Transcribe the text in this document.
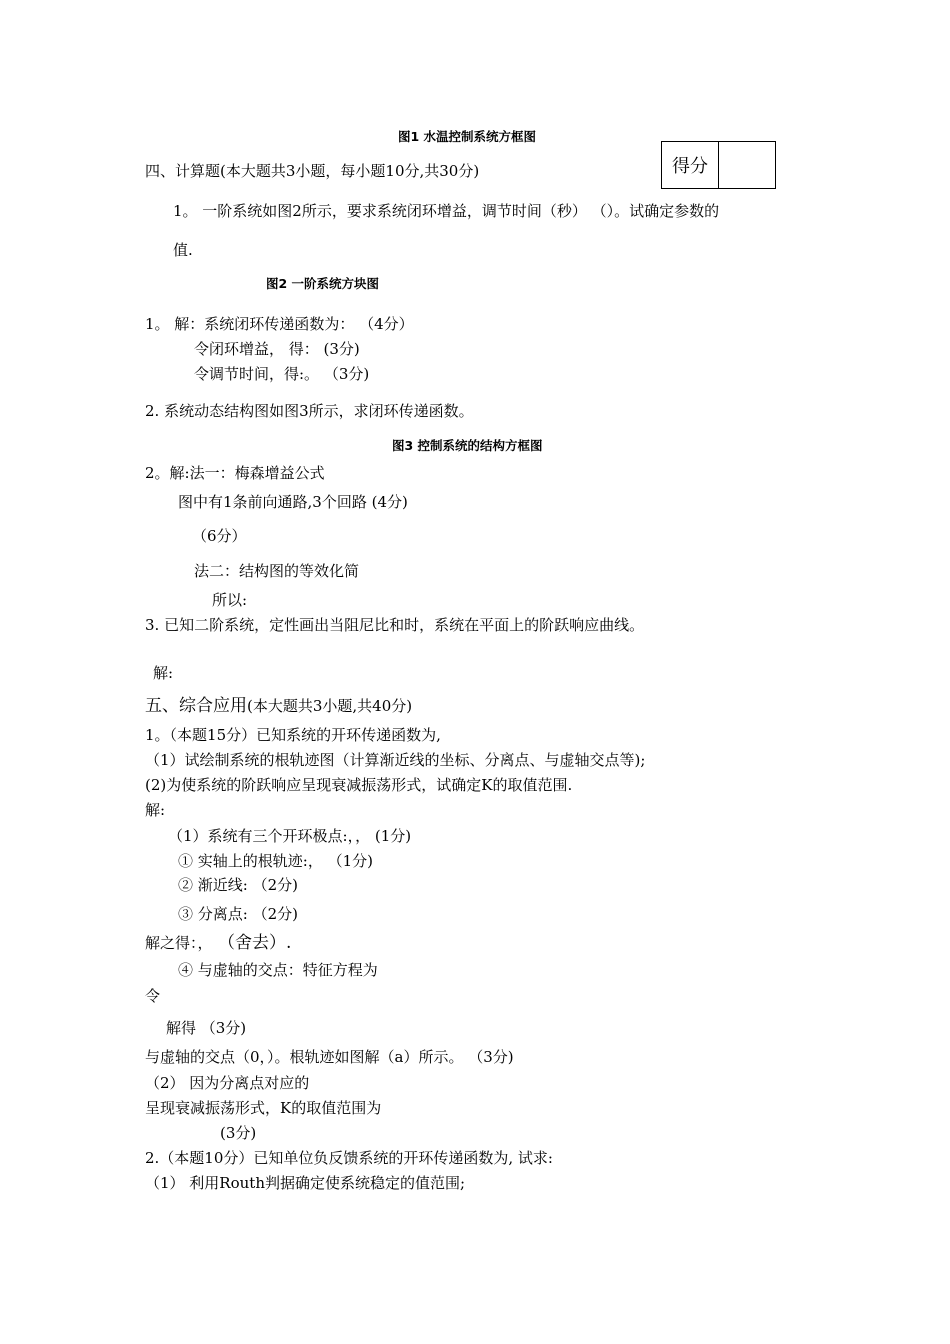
图1 水温控制系统方框图
得分
四、计算题(本大题共3小题，每小题10分,共30分)
1。 一阶系统如图2所示，要求系统闭环增益，调节时间（秒） （）。试确定参数的
值.
图2 一阶系统方块图
1。 解：系统闭环传递函数为： （4分）
令闭环增益， 得： (3分)
令调节时间，得:。 （3分)
2. 系统动态结构图如图3所示，求闭环传递函数。
图3 控制系统的结构方框图
2。解:法一：梅森增益公式
图中有1条前向通路,3个回路 (4分)
（6分）
法二：结构图的等效化简
所以:
3. 已知二阶系统，定性画出当阻尼比和时，系统在平面上的阶跃响应曲线。
解:
五、综合应用(本大题共3小题,共40分)
1。（本题15分）已知系统的开环传递函数为,
（1）试绘制系统的根轨迹图（计算渐近线的坐标、分离点、与虚轴交点等);
(2)为使系统的阶跃响应呈现衰减振荡形式，试确定K的取值范围.
解:
（1）系统有三个开环极点:，， (1分)
① 实轴上的根轨迹:， （1分)
② 渐近线: （2分)
③ 分离点: （2分)
解之得：， （舍去）.
④ 与虚轴的交点：特征方程为
令
解得 （3分)
与虚轴的交点（0，）。根轨迹如图解（a）所示。 （3分)
（2） 因为分离点对应的
呈现衰减振荡形式，K的取值范围为
(3分)
2.（本题10分）已知单位负反馈系统的开环传递函数为, 试求:
（1） 利用Routh判据确定使系统稳定的值范围;
